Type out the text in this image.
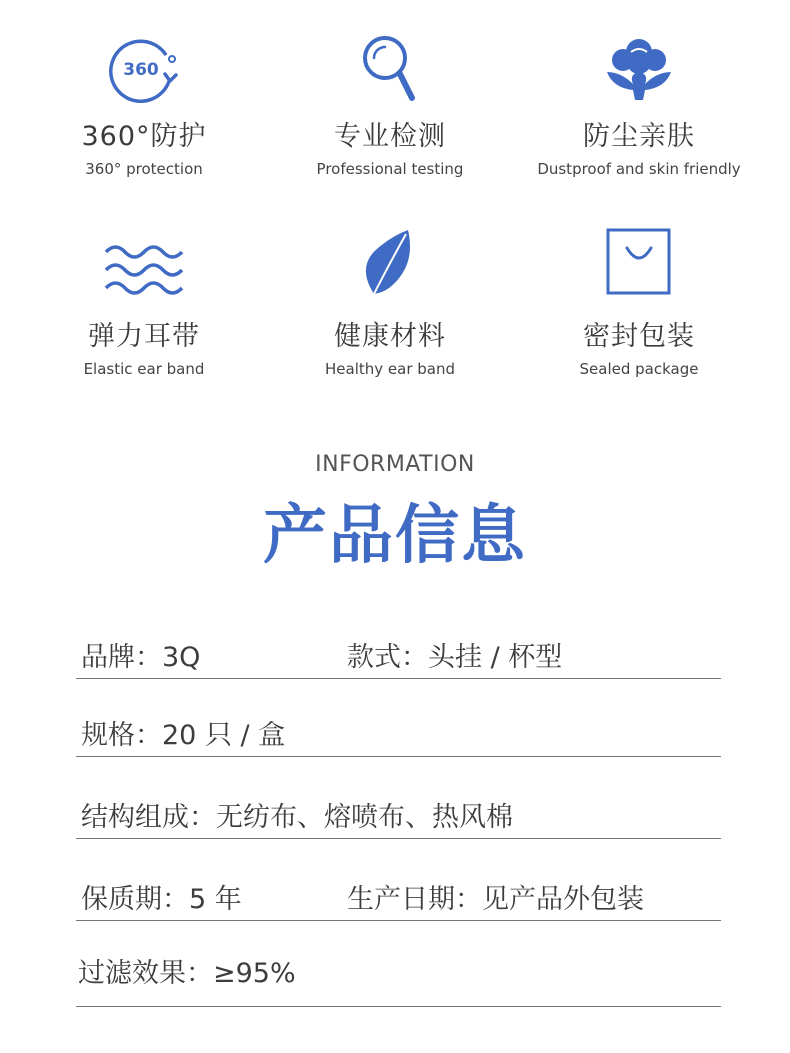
360
360°防护
360° protection
专业检测
Professional testing
防尘亲肤
Dustproof and skin friendly
弹力耳带
Elastic ear band
健康材料
Healthy ear band
密封包装
Sealed package
INFORMATION
产品信息
品牌：3Q	款式：头挂 / 杯型
规格：20 只 / 盒
结构组成：无纺布、熔喷布、热风棉
保质期：5 年	生产日期：见产品外包装
过滤效果：≥95%
